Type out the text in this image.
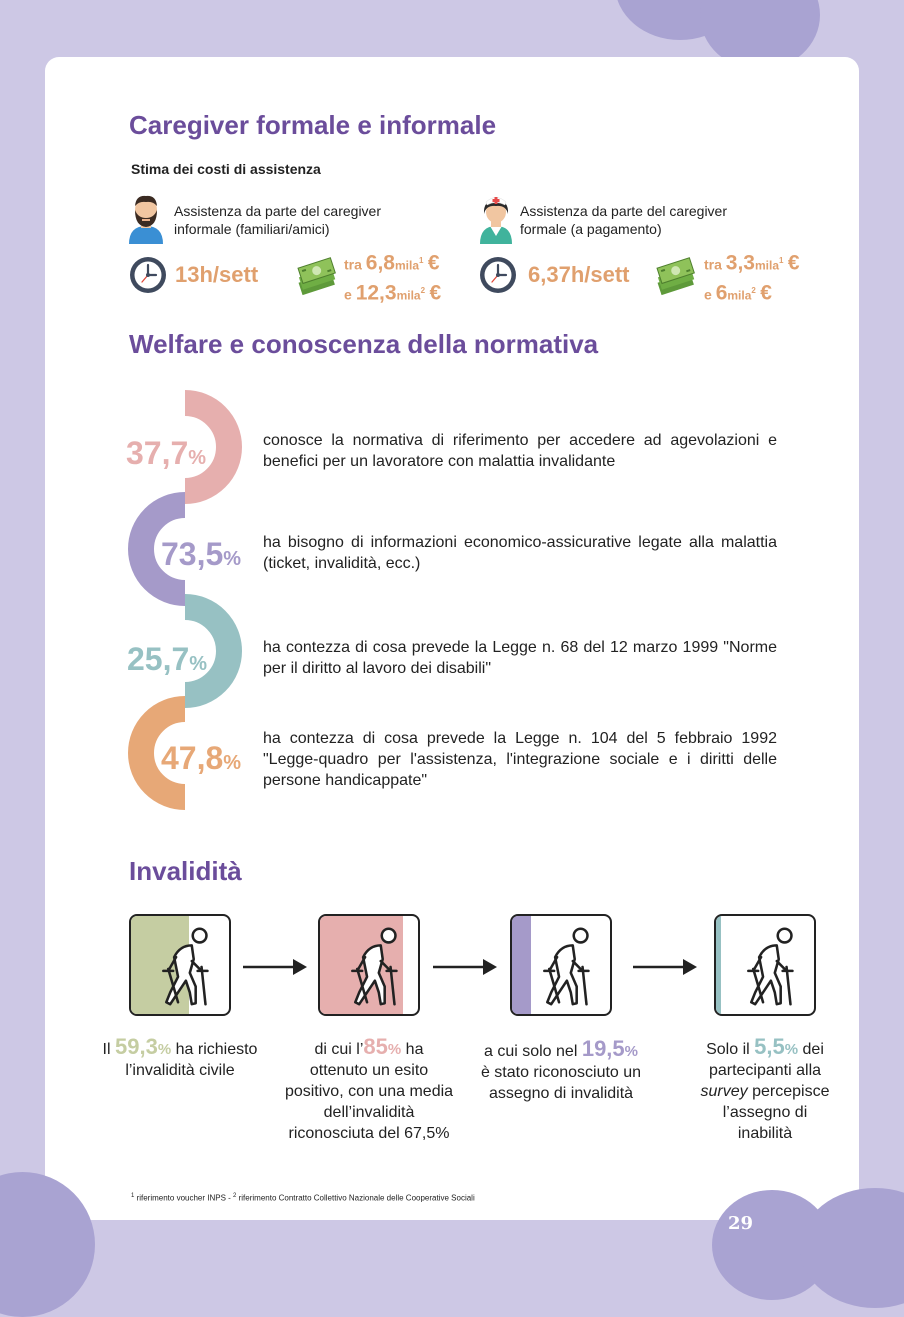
29
Caregiver formale e informale
Stima dei costi di assistenza
Assistenza da parte del caregiver informale (familiari/amici)
Assistenza da parte del caregiver formale (a pagamento)
13h/sett	6,37h/sett
tra 6,8mila$^1$ €
e 12,3mila$^2$ €
tra 3,3mila$^1$ €
e 6mila$^2$ €
Welfare e conoscenza della normativa
37,7%
conosce la normativa di riferimento per accedere ad agevolazioni e benefici per un lavoratore con malattia invalidante
73,5%
ha bisogno di informazioni economico-assicurative legate alla malattia (ticket, invalidità, ecc.)
25,7%
ha contezza di cosa prevede la Legge n. 68 del 12 marzo 1999 "Norme per il diritto al lavoro dei disabili"
47,8%
ha contezza di cosa prevede la Legge n. 104 del 5 febbraio 1992 "Legge-quadro per l'assistenza, l'integrazione sociale e i diritti delle persone handicappate"
Invalidità
Il 59,3% ha richiesto l’invalidità civile
di cui l’85% ha ottenuto un esito positivo, con una media dell’invalidità riconosciuta del 67,5%
a cui solo nel 19,5% è stato riconosciuto un assegno di invalidità
Solo il 5,5% dei partecipanti alla survey percepisce l’assegno di inabilità
$^1$ riferimento voucher INPS - $^2$ riferimento Contratto Collettivo Nazionale delle Cooperative Sociali
